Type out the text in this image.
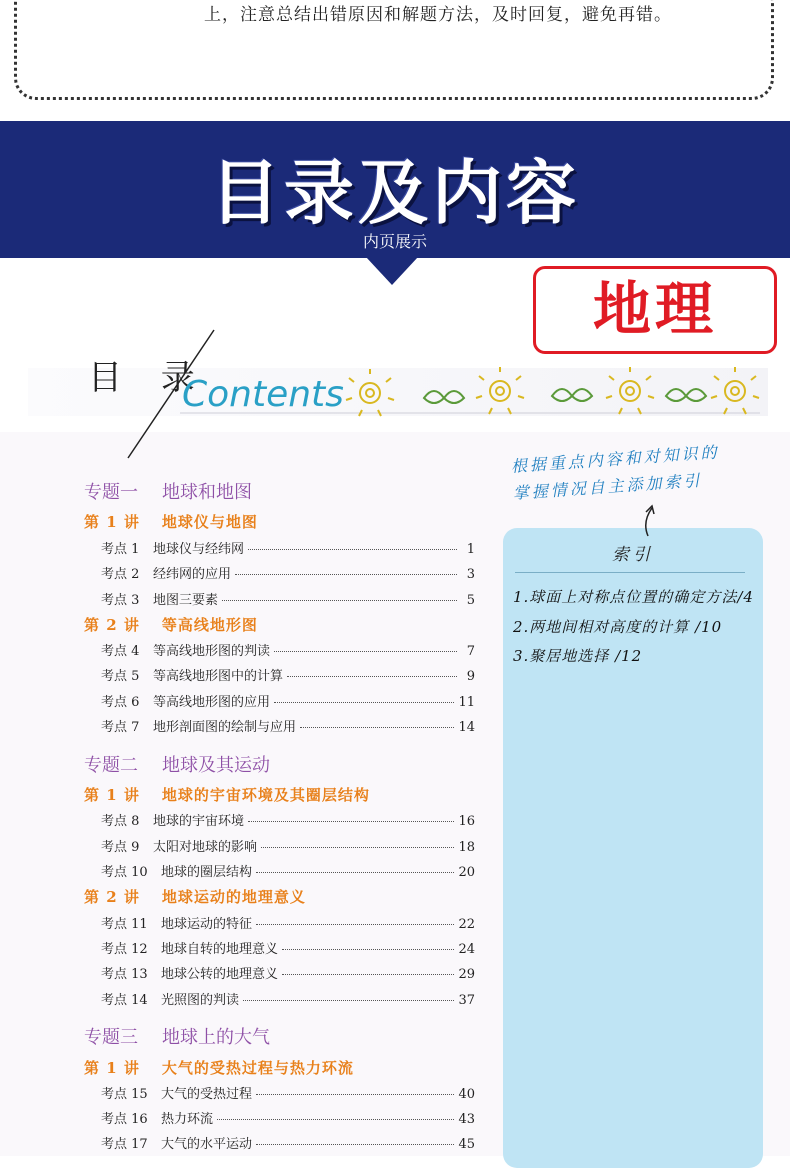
上，注意总结出错原因和解题方法，及时回复，避免再错。
目录及内容
内页展示
目 录
Contents
地理
索引
1.球面上对称点位置的确定方法/4
2.两地间相对高度的计算 /10
3.聚居地选择 /12
根据重点内容和对知识的
掌握情况自主添加索引
专题一 地球和地图
第 1 讲 地球仪与地图
考点 1	地球仪与经纬网	1
考点 2	经纬网的应用	3
考点 3	地图三要素	5
第 2 讲 等高线地形图
考点 4	等高线地形图的判读	7
考点 5	等高线地形图中的计算	9
考点 6	等高线地形图的应用	11
考点 7	地形剖面图的绘制与应用	14
专题二 地球及其运动
第 1 讲 地球的宇宙环境及其圈层结构
考点 8	地球的宇宙环境	16
考点 9	太阳对地球的影响	18
考点 10	地球的圈层结构	20
第 2 讲 地球运动的地理意义
考点 11	地球运动的特征	22
考点 12	地球自转的地理意义	24
考点 13	地球公转的地理意义	29
考点 14	光照图的判读	37
专题三 地球上的大气
第 1 讲 大气的受热过程与热力环流
考点 15	大气的受热过程	40
考点 16	热力环流	43
考点 17	大气的水平运动	45
